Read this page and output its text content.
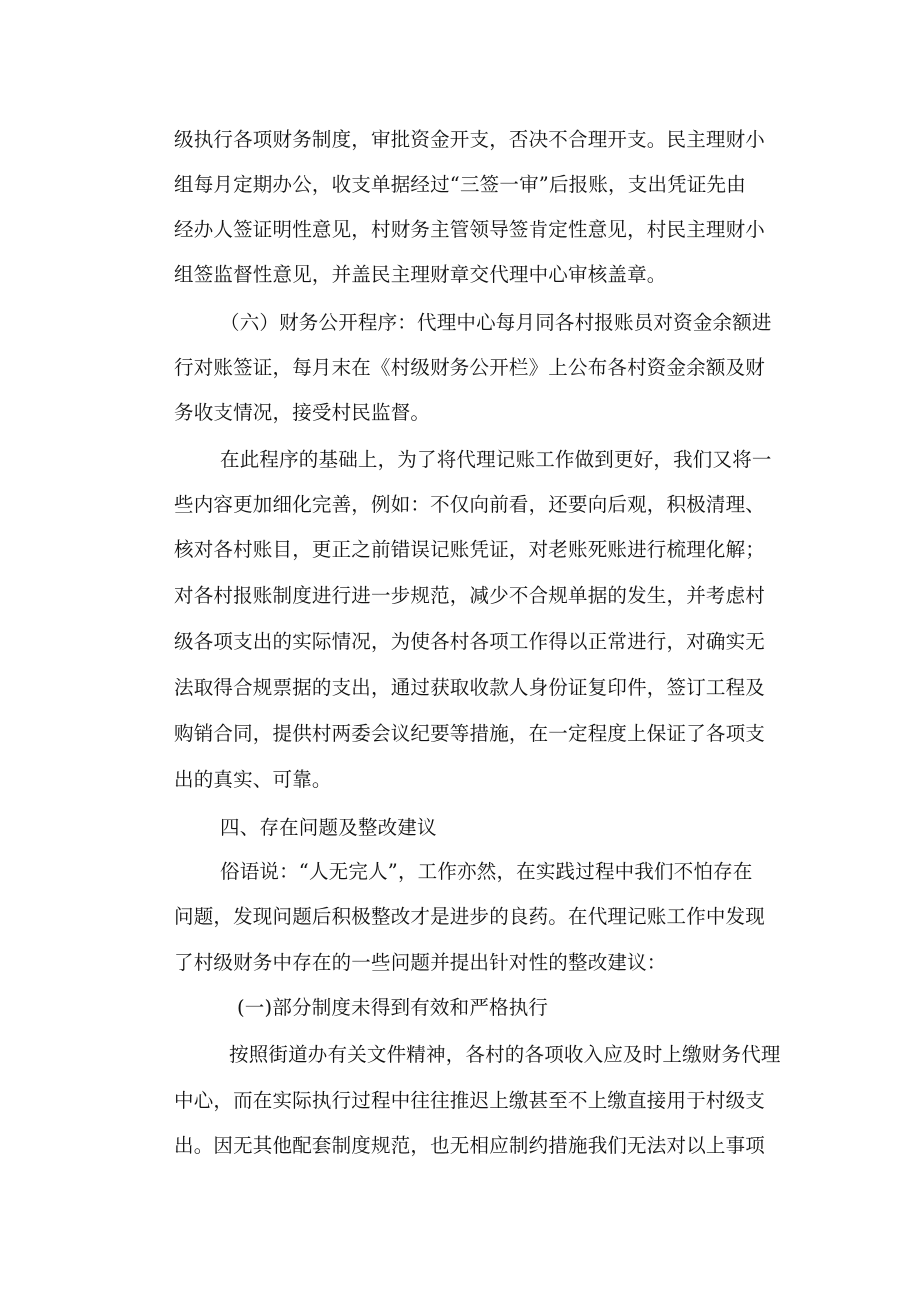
级执行各项财务制度，审批资金开支，否决不合理开支。民主理财小
组每月定期办公，收支单据经过“三签一审”后报账，支出凭证先由
经办人签证明性意见，村财务主管领导签肯定性意见，村民主理财小
组签监督性意见，并盖民主理财章交代理中心审核盖章。
（六）财务公开程序：代理中心每月同各村报账员对资金余额进
行对账签证，每月末在《村级财务公开栏》上公布各村资金余额及财
务收支情况，接受村民监督。
在此程序的基础上，为了将代理记账工作做到更好，我们又将一
些内容更加细化完善，例如：不仅向前看，还要向后观，积极清理、
核对各村账目，更正之前错误记账凭证，对老账死账进行梳理化解；
对各村报账制度进行进一步规范，减少不合规单据的发生，并考虑村
级各项支出的实际情况，为使各村各项工作得以正常进行，对确实无
法取得合规票据的支出，通过获取收款人身份证复印件，签订工程及
购销合同，提供村两委会议纪要等措施，在一定程度上保证了各项支
出的真实、可靠。
四、存在问题及整改建议
俗语说：“人无完人”，工作亦然，在实践过程中我们不怕存在
问题，发现问题后积极整改才是进步的良药。在代理记账工作中发现
了村级财务中存在的一些问题并提出针对性的整改建议：
(一)部分制度未得到有效和严格执行
按照街道办有关文件精神，各村的各项收入应及时上缴财务代理
中心，而在实际执行过程中往往推迟上缴甚至不上缴直接用于村级支
出。因无其他配套制度规范，也无相应制约措施我们无法对以上事项
